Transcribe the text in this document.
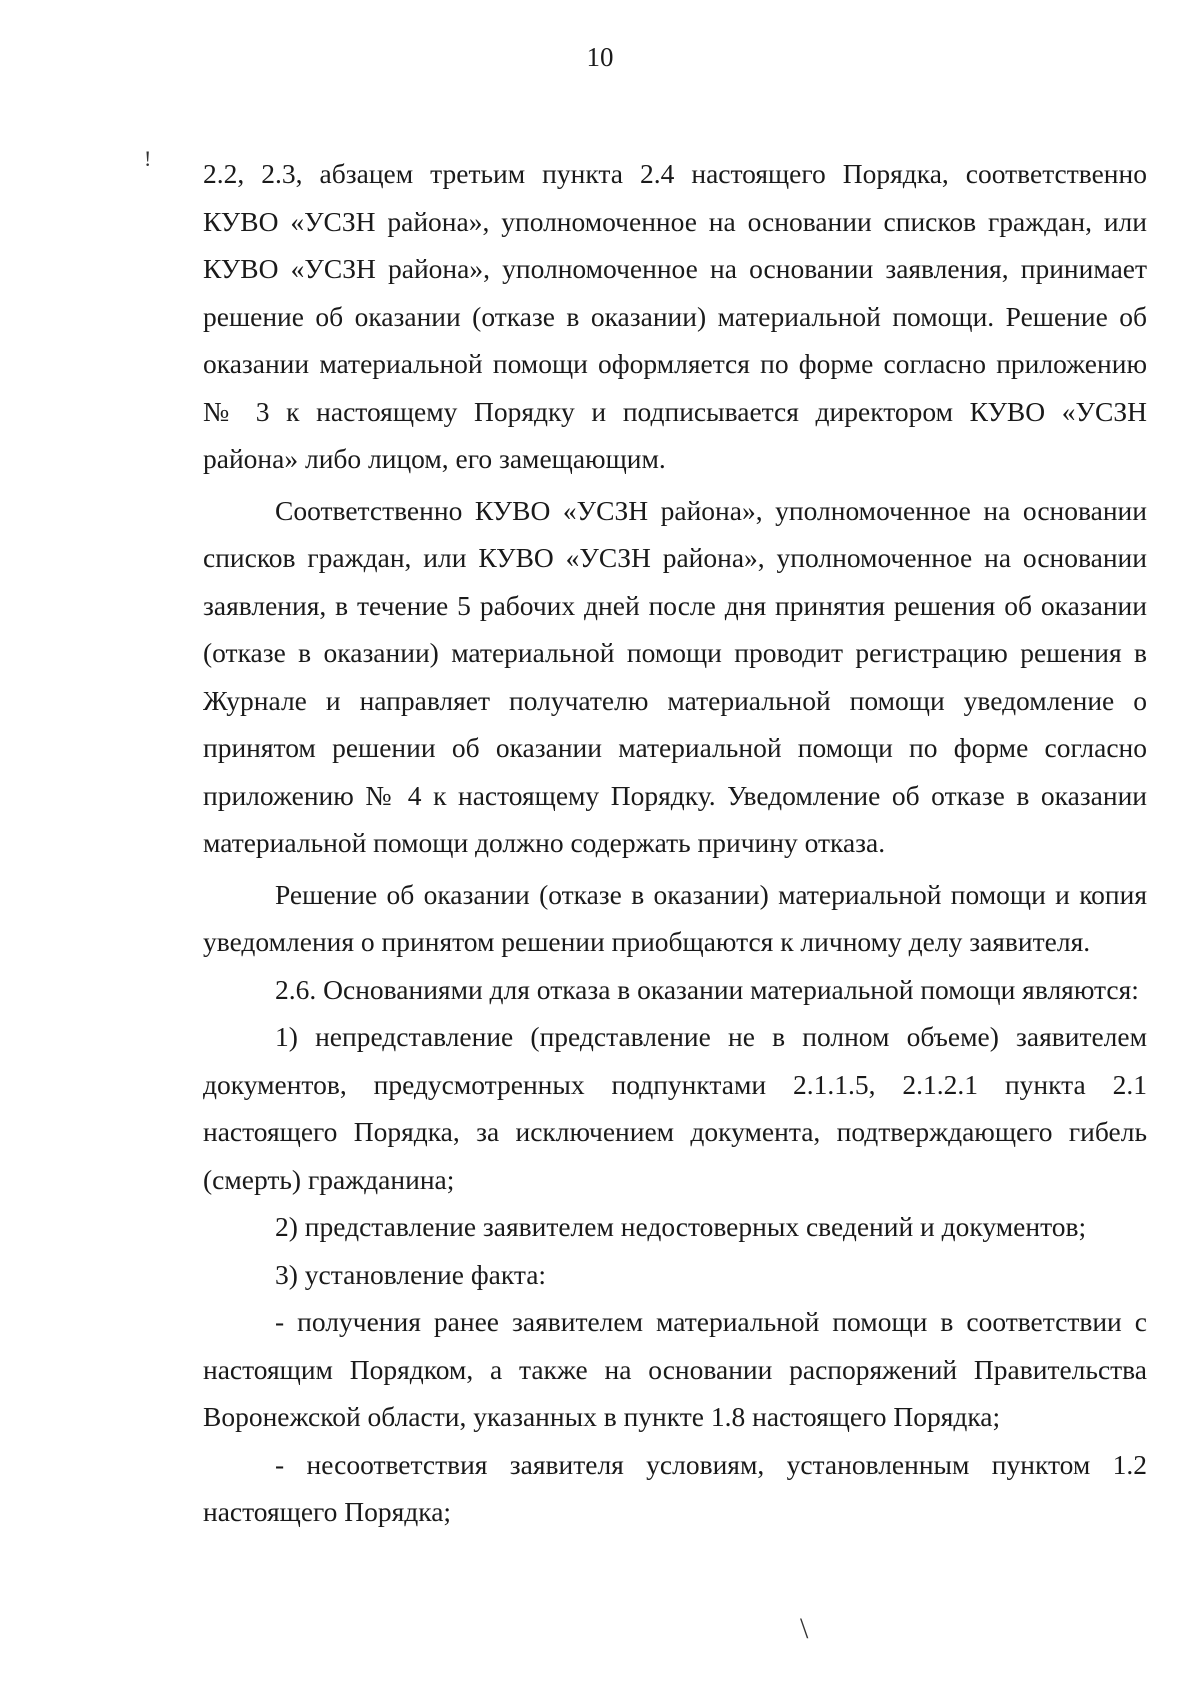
10
! 2.2, 2.3, абзацем третьим пункта 2.4 настоящего Порядка, соответственно КУВО «УСЗН района», уполномоченное на основании списков граждан, или КУВО «УСЗН района», уполномоченное на основании заявления, принимает решение об оказании (отказе в оказании) материальной помощи. Решение об оказании материальной помощи оформляется по форме согласно приложению № 3 к настоящему Порядку и подписывается директором КУВО «УСЗН района» либо лицом, его замещающим.

Соответственно КУВО «УСЗН района», уполномоченное на основании списков граждан, или КУВО «УСЗН района», уполномоченное на основании заявления, в течение 5 рабочих дней после дня принятия решения об оказании (отказе в оказании) материальной помощи проводит регистрацию решения в Журнале и направляет получателю материальной помощи уведомление о принятом решении об оказании материальной помощи по форме согласно приложению № 4 к настоящему Порядку. Уведомление об отказе в оказании материальной помощи должно содержать причину отказа.

Решение об оказании (отказе в оказании) материальной помощи и копия уведомления о принятом решении приобщаются к личному делу заявителя.

2.6. Основаниями для отказа в оказании материальной помощи являются:

1) непредставление (представление не в полном объеме) заявителем документов, предусмотренных подпунктами 2.1.1.5, 2.1.2.1 пункта 2.1 настоящего Порядка, за исключением документа, подтверждающего гибель (смерть) гражданина;

2) представление заявителем недостоверных сведений и документов;

3) установление факта:

- получения ранее заявителем материальной помощи в соответствии с настоящим Порядком, а также на основании распоряжений Правительства Воронежской области, указанных в пункте 1.8 настоящего Порядка;

- несоответствия заявителя условиям, установленным пунктом 1.2 настоящего Порядка;

\
